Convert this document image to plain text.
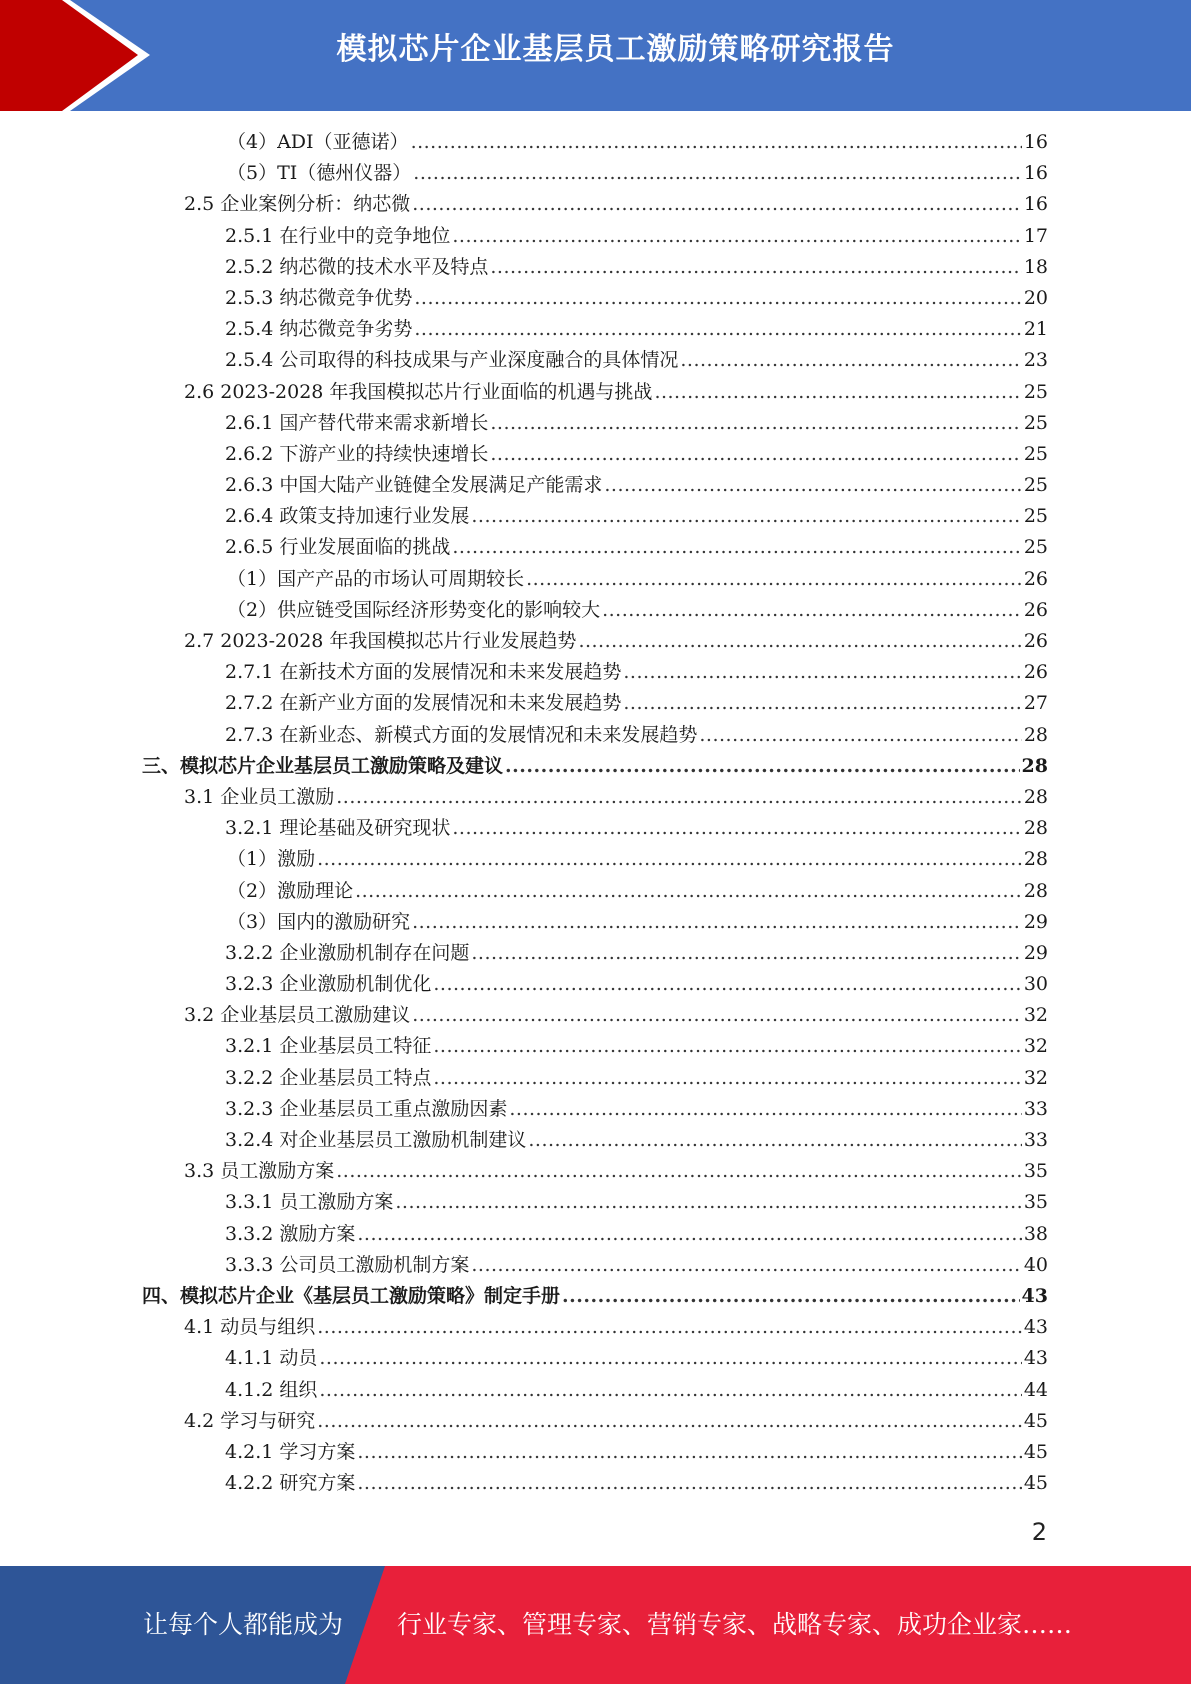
模拟芯片企业基层员工激励策略研究报告
（4）ADI（亚德诺） .....	16
（5）TI（德州仪器） .....	16
2.5 企业案例分析：纳芯微 .....	16
2.5.1 在行业中的竞争地位 .....	17
2.5.2 纳芯微的技术水平及特点 .....	18
2.5.3 纳芯微竞争优势 .....	20
2.5.4 纳芯微竞争劣势 .....	21
2.5.4 公司取得的科技成果与产业深度融合的具体情况 .....	23
2.6 2023-2028 年我国模拟芯片行业面临的机遇与挑战 .....	25
2.6.1 国产替代带来需求新增长 .....	25
2.6.2 下游产业的持续快速增长 .....	25
2.6.3 中国大陆产业链健全发展满足产能需求 .....	25
2.6.4 政策支持加速行业发展 .....	25
2.6.5 行业发展面临的挑战 .....	25
（1）国产产品的市场认可周期较长 .....	26
（2）供应链受国际经济形势变化的影响较大 .....	26
2.7 2023-2028 年我国模拟芯片行业发展趋势 .....	26
2.7.1 在新技术方面的发展情况和未来发展趋势 .....	26
2.7.2 在新产业方面的发展情况和未来发展趋势 .....	27
2.7.3 在新业态、新模式方面的发展情况和未来发展趋势 .....	28
三、模拟芯片企业基层员工激励策略及建议 .....	28
3.1 企业员工激励 .....	28
3.2.1 理论基础及研究现状 .....	28
（1）激励 .....	28
（2）激励理论 .....	28
（3）国内的激励研究 .....	29
3.2.2 企业激励机制存在问题 .....	29
3.2.3 企业激励机制优化 .....	30
3.2 企业基层员工激励建议 .....	32
3.2.1 企业基层员工特征 .....	32
3.2.2 企业基层员工特点 .....	32
3.2.3 企业基层员工重点激励因素 .....	33
3.2.4 对企业基层员工激励机制建议 .....	33
3.3 员工激励方案 .....	35
3.3.1 员工激励方案 .....	35
3.3.2 激励方案 .....	38
3.3.3 公司员工激励机制方案 .....	40
四、模拟芯片企业《基层员工激励策略》制定手册 .....	43
4.1 动员与组织 .....	43
4.1.1 动员 .....	43
4.1.2 组织 .....	44
4.2 学习与研究 .....	45
4.2.1 学习方案 .....	45
4.2.2 研究方案 .....	45
2
让每个人都能成为 行业专家、管理专家、营销专家、战略专家、成功企业家……
